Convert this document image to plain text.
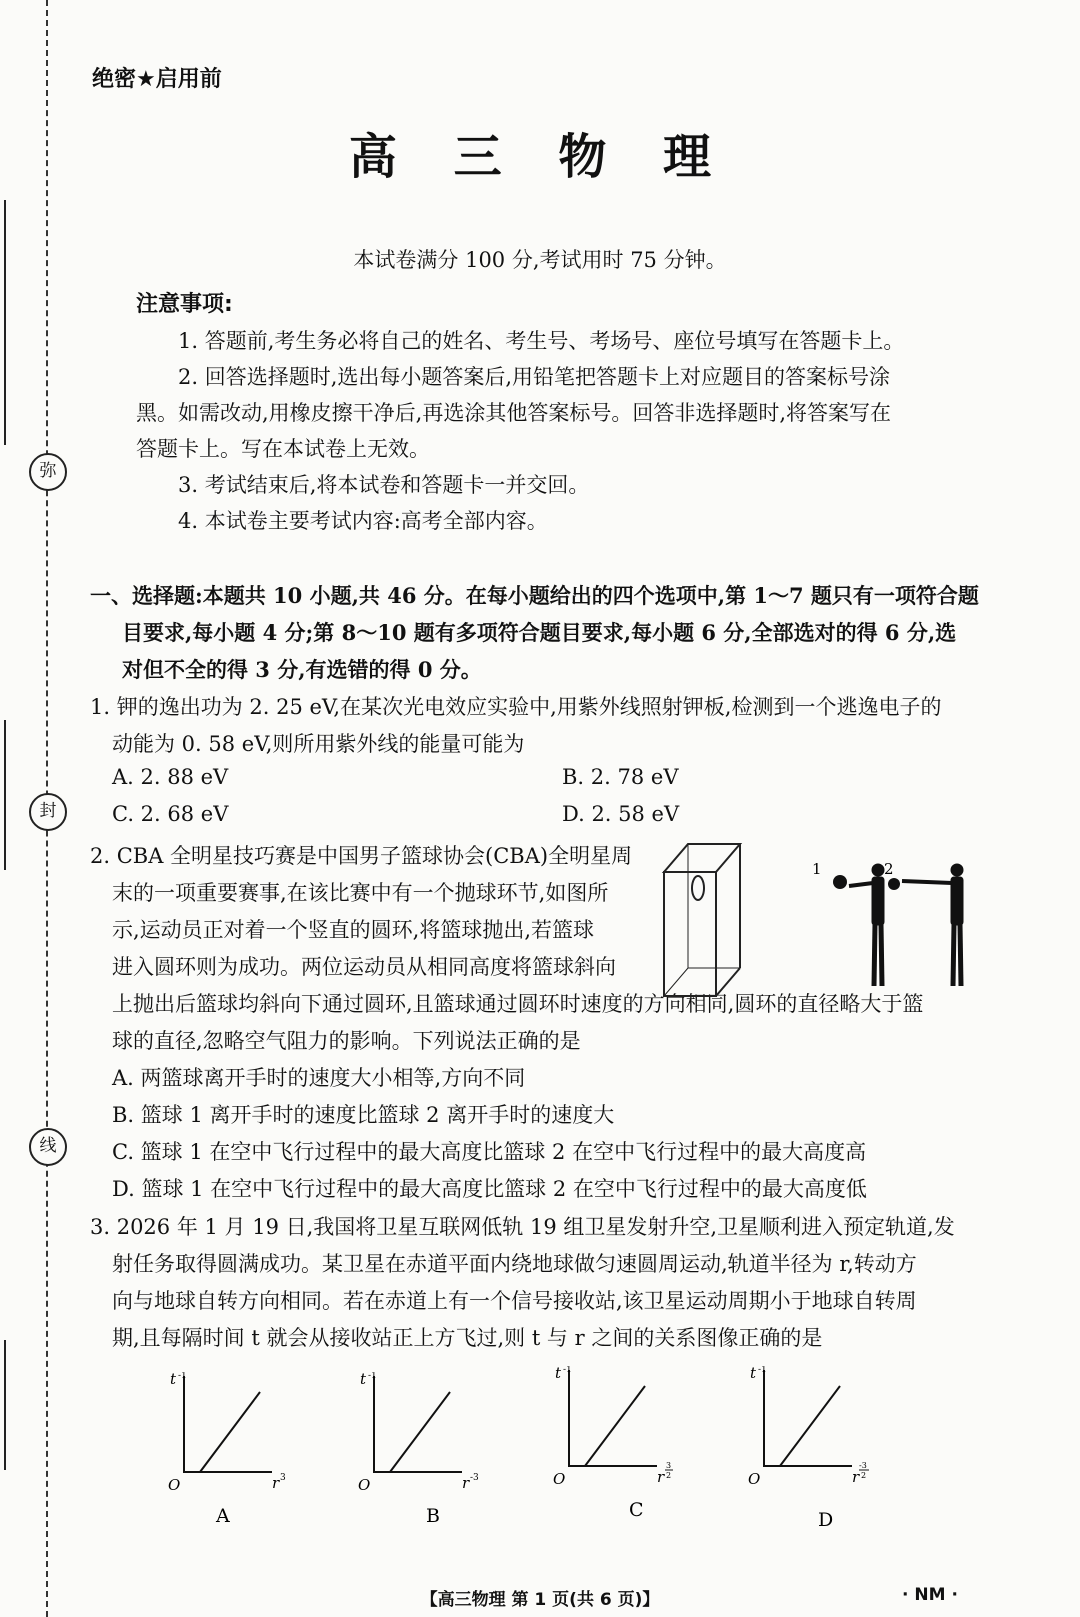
弥
封
线
绝密★启用前
高 三 物 理
本试卷满分 100 分,考试用时 75 分钟。
注意事项:
1. 答题前,考生务必将自己的姓名、考生号、考场号、座位号填写在答题卡上。
2. 回答选择题时,选出每小题答案后,用铅笔把答题卡上对应题目的答案标号涂
黑。如需改动,用橡皮擦干净后,再选涂其他答案标号。回答非选择题时,将答案写在
答题卡上。写在本试卷上无效。
3. 考试结束后,将本试卷和答题卡一并交回。
4. 本试卷主要考试内容:高考全部内容。
一、选择题:本题共 10 小题,共 46 分。在每小题给出的四个选项中,第 1～7 题只有一项符合题
目要求,每小题 4 分;第 8～10 题有多项符合题目要求,每小题 6 分,全部选对的得 6 分,选
对但不全的得 3 分,有选错的得 0 分。
1. 钾的逸出功为 2. 25 eV,在某次光电效应实验中,用紫外线照射钾板,检测到一个逃逸电子的
动能为 0. 58 eV,则所用紫外线的能量可能为
A. 2. 88 eV	B. 2. 78 eV
C. 2. 68 eV	D. 2. 58 eV
2. CBA 全明星技巧赛是中国男子篮球协会(CBA)全明星周
末的一项重要赛事,在该比赛中有一个抛球环节,如图所
示,运动员正对着一个竖直的圆环,将篮球抛出,若篮球
进入圆环则为成功。两位运动员从相同高度将篮球斜向
上抛出后篮球均斜向下通过圆环,且篮球通过圆环时速度的方向相同,圆环的直径略大于篮
球的直径,忽略空气阻力的影响。下列说法正确的是
A. 两篮球离开手时的速度大小相等,方向不同
B. 篮球 1 离开手时的速度比篮球 2 离开手时的速度大
C. 篮球 1 在空中飞行过程中的最大高度比篮球 2 在空中飞行过程中的最大高度高
D. 篮球 1 在空中飞行过程中的最大高度比篮球 2 在空中飞行过程中的最大高度低
1	2
3. 2026 年 1 月 19 日,我国将卫星互联网低轨 19 组卫星发射升空,卫星顺利进入预定轨道,发
射任务取得圆满成功。某卫星在赤道平面内绕地球做匀速圆周运动,轨道半径为 r,转动方
向与地球自转方向相同。若在赤道上有一个信号接收站,该卫星运动周期小于地球自转周
期,且每隔时间 t 就会从接收站正上方飞过,则 t 与 r 之间的关系图像正确的是
t -1
O	r 3
A
t -1
O	r -3
B
t -1
O	r
3
2
C
t -1
O	r
-3
2
D
【高三物理 第 1 页(共 6 页)】	· NM ·
